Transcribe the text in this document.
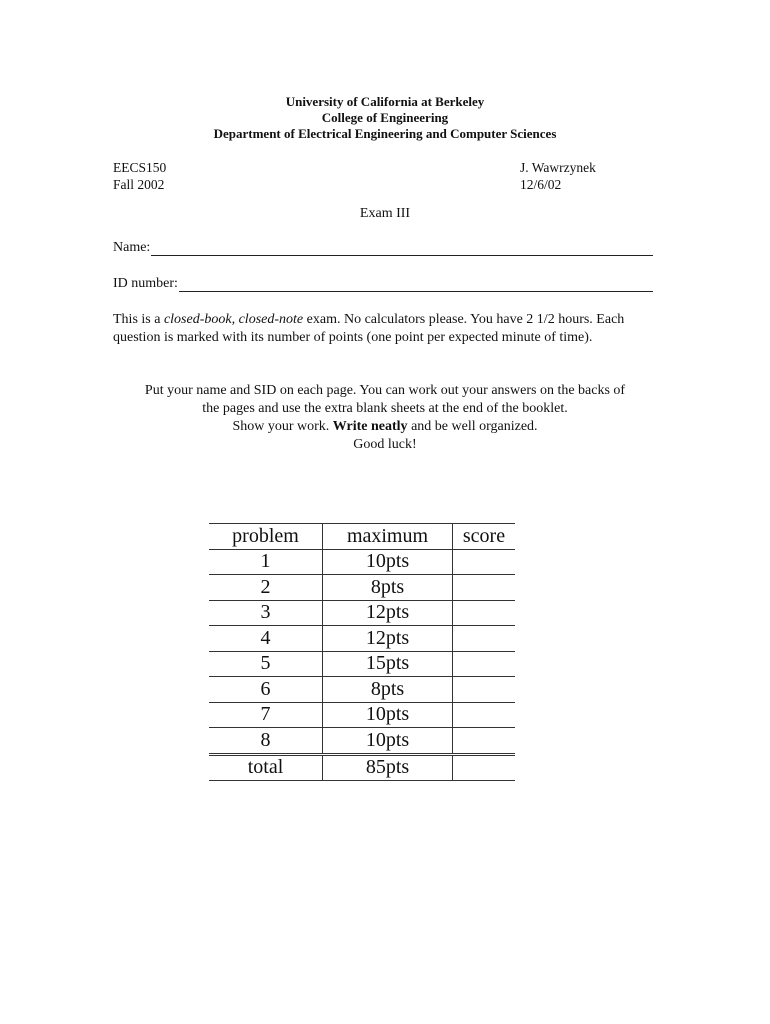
University of California at Berkeley
College of Engineering
Department of Electrical Engineering and Computer Sciences
EECS150
Fall 2002
J. Wawrzynek
12/6/02
Exam III
Name:
ID number:
This is a closed-book, closed-note exam. No calculators please. You have 2 1/2 hours. Each question is marked with its number of points (one point per expected minute of time).
Put your name and SID on each page. You can work out your answers on the backs of
the pages and use the extra blank sheets at the end of the booklet.
Show your work. Write neatly and be well organized.
Good luck!
problem	maximum	score
1	10pts	
2	8pts	
3	12pts	
4	12pts	
5	15pts	
6	8pts	
7	10pts	
8	10pts	
total	85pts	
